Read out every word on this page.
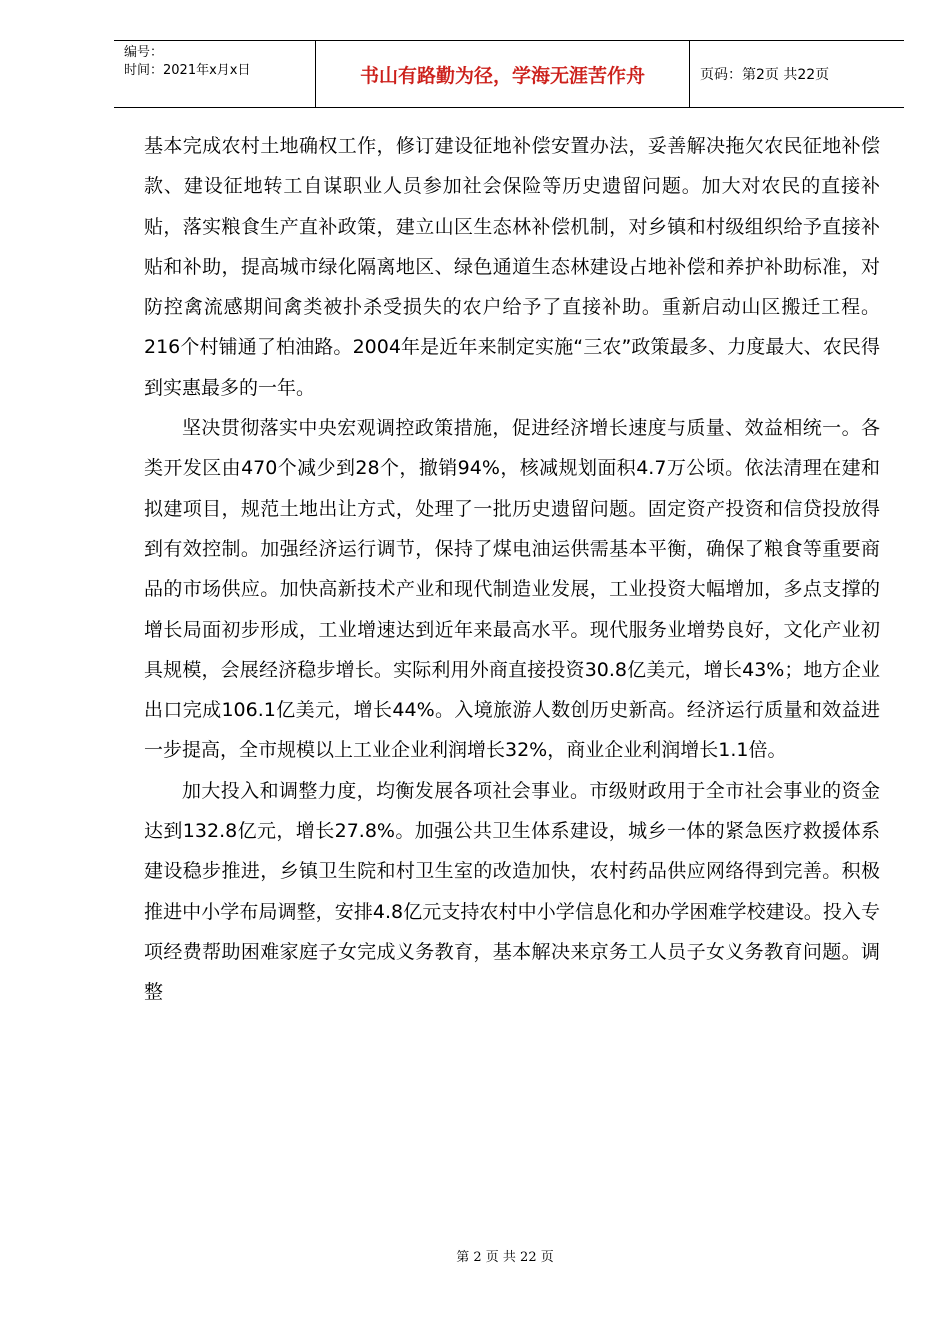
编号：
时间：2021年x月x日	书山有路勤为径，学海无涯苦作舟	页码：第2页 共22页

基本完成农村土地确权工作，修订建设征地补偿安置办法，妥善解决拖欠农民征地补偿款、建设征地转工自谋职业人员参加社会保险等历史遗留问题。加大对农民的直接补贴，落实粮食生产直补政策，建立山区生态林补偿机制，对乡镇和村级组织给予直接补贴和补助，提高城市绿化隔离地区、绿色通道生态林建设占地补偿和养护补助标准，对防控禽流感期间禽类被扑杀受损失的农户给予了直接补助。重新启动山区搬迁工程。216个村铺通了柏油路。2004年是近年来制定实施“三农”政策最多、力度最大、农民得到实惠最多的一年。

坚决贯彻落实中央宏观调控政策措施，促进经济增长速度与质量、效益相统一。各类开发区由470个减少到28个，撤销94%，核减规划面积4.7万公顷。依法清理在建和拟建项目，规范土地出让方式，处理了一批历史遗留问题。固定资产投资和信贷投放得到有效控制。加强经济运行调节，保持了煤电油运供需基本平衡，确保了粮食等重要商品的市场供应。加快高新技术产业和现代制造业发展，工业投资大幅增加，多点支撑的增长局面初步形成，工业增速达到近年来最高水平。现代服务业增势良好，文化产业初具规模，会展经济稳步增长。实际利用外商直接投资30.8亿美元，增长43%；地方企业出口完成106.1亿美元，增长44%。入境旅游人数创历史新高。经济运行质量和效益进一步提高，全市规模以上工业企业利润增长32%，商业企业利润增长1.1倍。

加大投入和调整力度，均衡发展各项社会事业。市级财政用于全市社会事业的资金达到132.8亿元，增长27.8%。加强公共卫生体系建设，城乡一体的紧急医疗救援体系建设稳步推进，乡镇卫生院和村卫生室的改造加快，农村药品供应网络得到完善。积极推进中小学布局调整，安排4.8亿元支持农村中小学信息化和办学困难学校建设。投入专项经费帮助困难家庭子女完成义务教育，基本解决来京务工人员子女义务教育问题。调整

第 2 页 共 22 页
